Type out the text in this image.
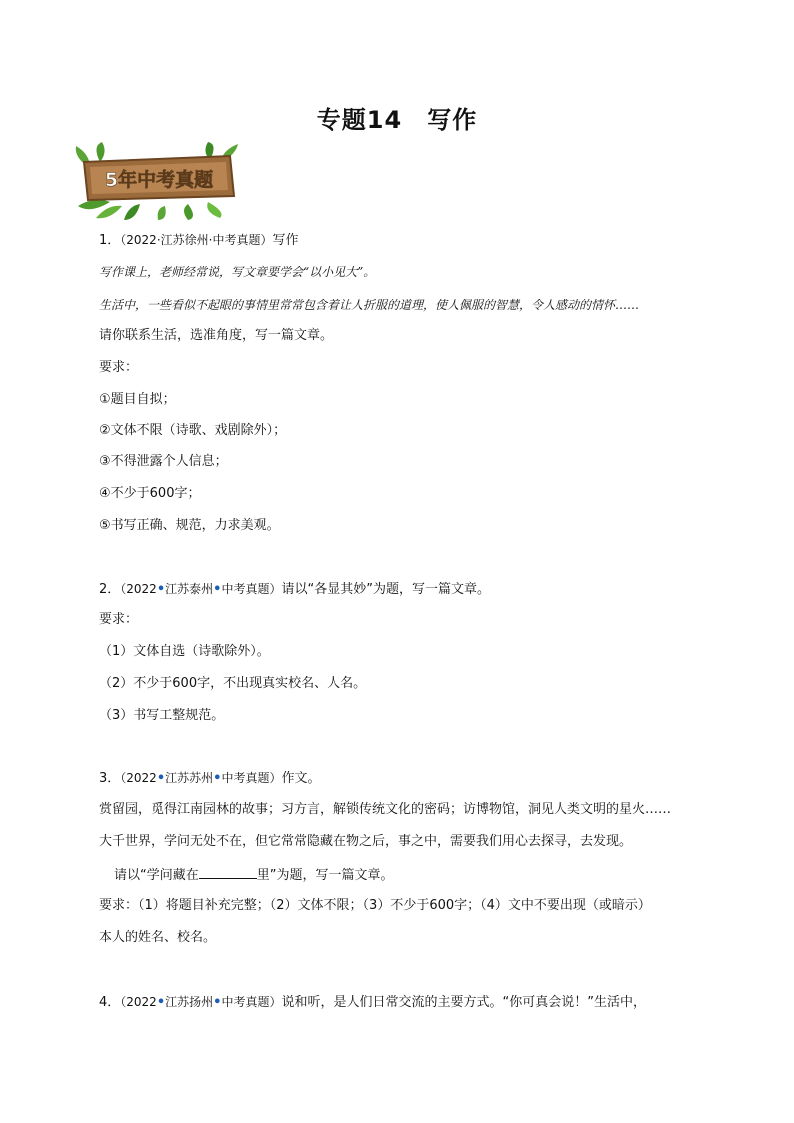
专题14　写作
5年中考真题
1．（2022·江苏徐州·中考真题）写作
写作课上，老师经常说，写文章要学会“以小见大”。
生活中，一些看似不起眼的事情里常常包含着让人折服的道理，使人佩服的智慧，令人感动的情怀……
请你联系生活，选准角度，写一篇文章。
要求：
①题目自拟；
②文体不限（诗歌、戏剧除外）；
③不得泄露个人信息；
④不少于600字；
⑤书写正确、规范，力求美观。
2．（2022•江苏泰州•中考真题）请以“各显其妙”为题，写一篇文章。
要求：
（1）文体自选（诗歌除外）。
（2）不少于600字，不出现真实校名、人名。
（3）书写工整规范。
3．（2022•江苏苏州•中考真题）作文。
赏留园，觅得江南园林的故事；习方言，解锁传统文化的密码；访博物馆，洞见人类文明的星火……
大千世界，学问无处不在，但它常常隐藏在物之后，事之中，需要我们用心去探寻，去发现。
请以“学问藏在	里”为题，写一篇文章。
要求：（1）将题目补充完整；（2）文体不限；（3）不少于600字；（4）文中不要出现（或暗示）
本人的姓名、校名。
4．（2022•江苏扬州•中考真题）说和听，是人们日常交流的主要方式。“你可真会说！”生活中，
